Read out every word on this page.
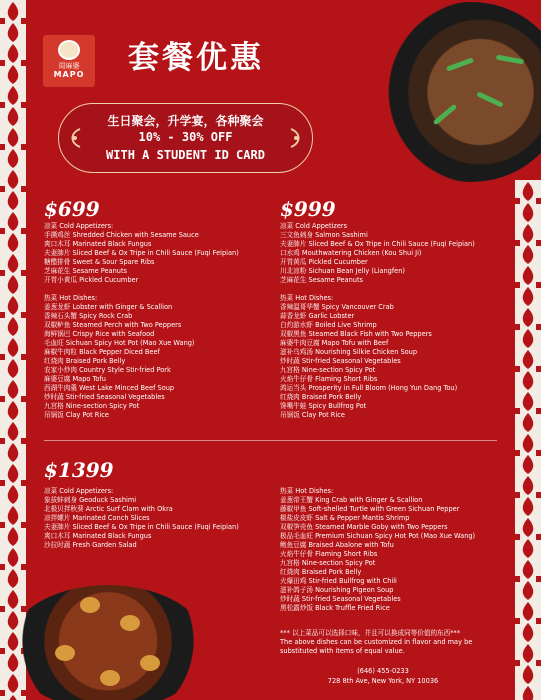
周麻婆
MAPO	套餐优惠
生日聚会，升学宴，各种聚会
10% - 30% OFF
WITH A STUDENT ID CARD
$699
凉菜 Cold Appetizers:
手撕鸡丝 Shredded Chicken with Sesame Sauce
爽口木耳 Marinated Black Fungus
夫妻肺片 Sliced Beef & Ox Tripe in Chili Sauce (Fuqi Feipian)
糖醋排骨 Sweet & Sour Spare Ribs
芝麻花生 Sesame Peanuts
开胃小黄瓜 Pickled Cucumber
热菜 Hot Dishes:
姜葱龙虾 Lobster with Ginger & Scallion
香辣石头蟹 Spicy Rock Crab
双椒鲈鱼 Steamed Perch with Two Peppers
海鲜锅巴 Crispy Rice with Seafood
毛血旺 Sichuan Spicy Hot Pot (Mao Xue Wang)
麻椒牛肉粒 Black Pepper Diced Beef
红烧肉 Braised Pork Belly
农家小炒肉 Country Style Stir-fried Pork
麻婆豆腐 Mapo Tofu
西湖牛肉羹 West Lake Minced Beef Soup
炒时蔬 Stir-fried Seasonal Vegetables
九宫格 Nine-section Spicy Pot
吊锅饭 Clay Pot Rice
$999
凉菜 Cold Appetizers
三文鱼刺身 Salmon Sashimi
夫妻肺片 Sliced Beef & Ox Tripe in Chili Sauce (Fuqi Feipian)
口水鸡 Mouthwatering Chicken (Kou Shui Ji)
开胃黄瓜 Pickled Cucumber
川北凉粉 Sichuan Bean Jelly (Liangfen)
芝麻花生 Sesame Peanuts
热菜 Hot Dishes:
香辣温哥华蟹 Spicy Vancouver Crab
蒜香龙虾 Garlic Lobster
白灼游水虾 Boiled Live Shrimp
双椒黑鱼 Steamed Black Fish with Two Peppers
麻婆牛肉豆腐 Mapo Tofu with Beef
滋补乌鸡汤 Nourishing Silkie Chicken Soup
炒时蔬 Stir-fried Seasonal Vegetables
九宫格 Nine-section Spicy Pot
火焰牛仔骨 Flaming Short Ribs
鸿运当头 Prosperity in Full Bloom (Hong Yun Dang Tou)
红烧肉 Braised Pork Belly
馋嘴牛蛙 Spicy Bullfrog Pot
吊锅饭 Clay Pot Rice
$1399
凉菜 Cold Appetizers:
象拔蚌刺身 Geoduck Sashimi
北极贝拌秋葵 Arctic Surf Clam with Okra
凉拌螺片 Marinated Conch Slices
夫妻肺片 Sliced Beef & Ox Tripe in Chili Sauce (Fuqi Feipian)
爽口木耳 Marinated Black Fungus
沙拉时蔬 Fresh Garden Salad
热菜 Hot Dishes:
姜葱帝王蟹 King Crab with Ginger & Scallion
藤椒甲鱼 Soft-shelled Turtle with Green Sichuan Pepper
椒盐皮皮虾 Salt & Pepper Mantis Shrimp
双椒笋壳鱼 Steamed Marble Goby with Two Peppers
极品毛血旺 Premium Sichuan Spicy Hot Pot (Mao Xue Wang)
鲍鱼豆腐 Braised Abalone with Tofu
火焰牛仔骨 Flaming Short Ribs
九宫格 Nine-section Spicy Pot
红烧肉 Braised Pork Belly
火爆田鸡 Stir-fried Bullfrog with Chili
滋补鸽子汤 Nourishing Pigeon Soup
炒时蔬 Stir-fried Seasonal Vegetables
黑松露炒饭 Black Truffle Fried Rice
*** 以上菜品可以选择口味，并且可以换成同等价值的东西***
The above dishes can be customized in flavor and may be substituted with items of equal value.
(646) 455-0233
728 8th Ave, New York, NY 10036
